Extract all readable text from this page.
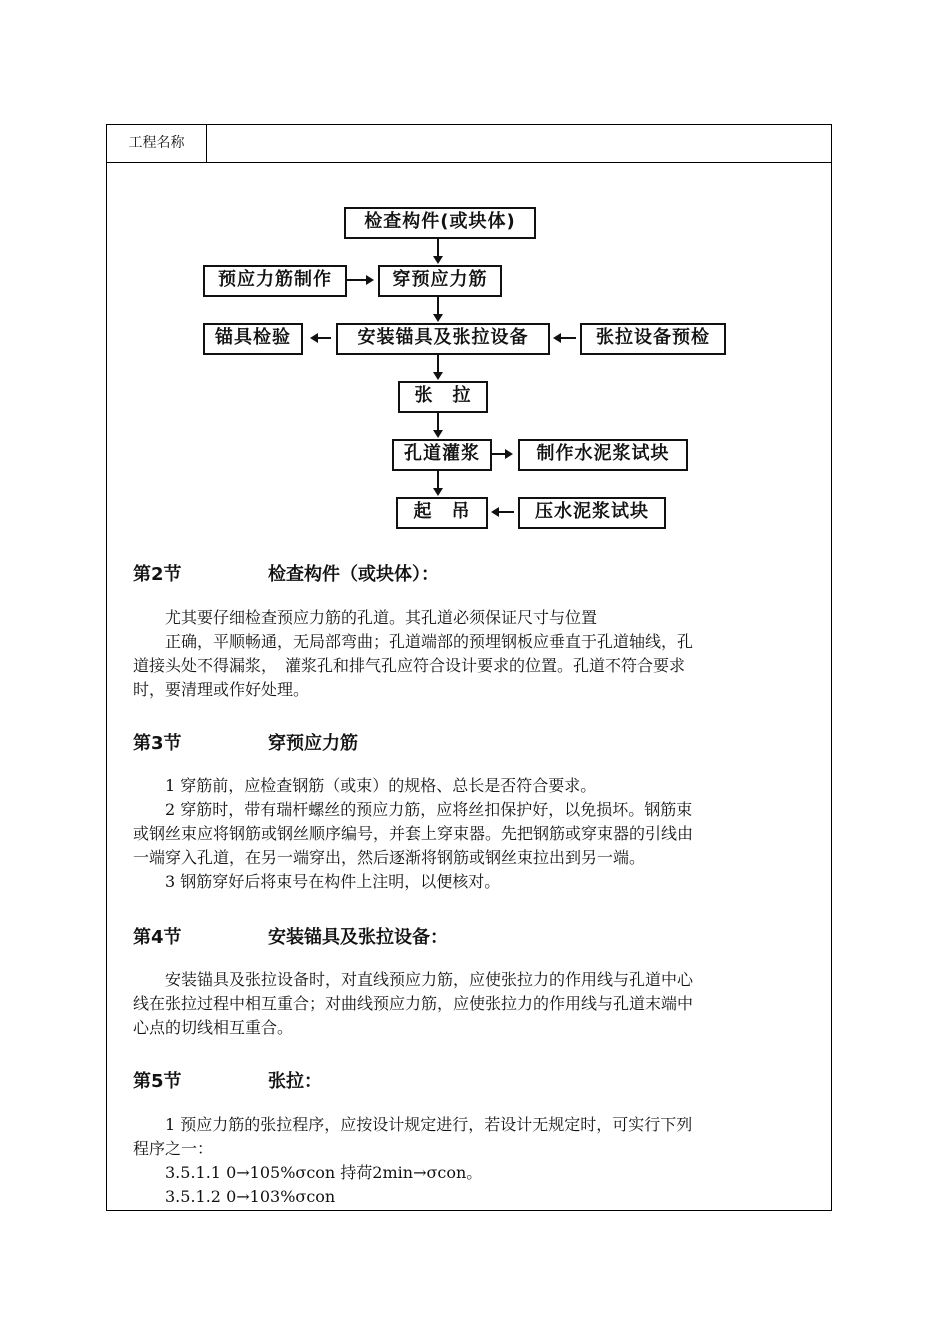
工程名称
检查构件(或块体)
预应力筋制作	穿预应力筋
锚具检验	安装锚具及张拉设备	张拉设备预检
张　拉
孔道灌浆	制作水泥浆试块
起　吊	压水泥浆试块
第2节	检查构件（或块体）：

尤其要仔细检查预应力筋的孔道。其孔道必须保证尺寸与位置

正确，平顺畅通，无局部弯曲；孔道端部的预埋钢板应垂直于孔道轴线，孔

道接头处不得漏浆，　灌浆孔和排气孔应符合设计要求的位置。孔道不符合要求

时，要清理或作好处理。

第3节	穿预应力筋

1 穿筋前，应检查钢筋（或束）的规格、总长是否符合要求。

2 穿筋时，带有瑞杆螺丝的预应力筋，应将丝扣保护好，以免损坏。钢筋束

或钢丝束应将钢筋或钢丝顺序编号，并套上穿束器。先把钢筋或穿束器的引线由

一端穿入孔道，在另一端穿出，然后逐渐将钢筋或钢丝束拉出到另一端。

3 钢筋穿好后将束号在构件上注明，以便核对。

第4节	安装锚具及张拉设备：

安装锚具及张拉设备时，对直线预应力筋，应使张拉力的作用线与孔道中心

线在张拉过程中相互重合；对曲线预应力筋，应使张拉力的作用线与孔道末端中

心点的切线相互重合。

第5节	张拉：

1 预应力筋的张拉程序，应按设计规定进行，若设计无规定时，可实行下列

程序之一：

3.5.1.1 0→105%σcon 持荷2min→σcon。

3.5.1.2 0→103%σcon
